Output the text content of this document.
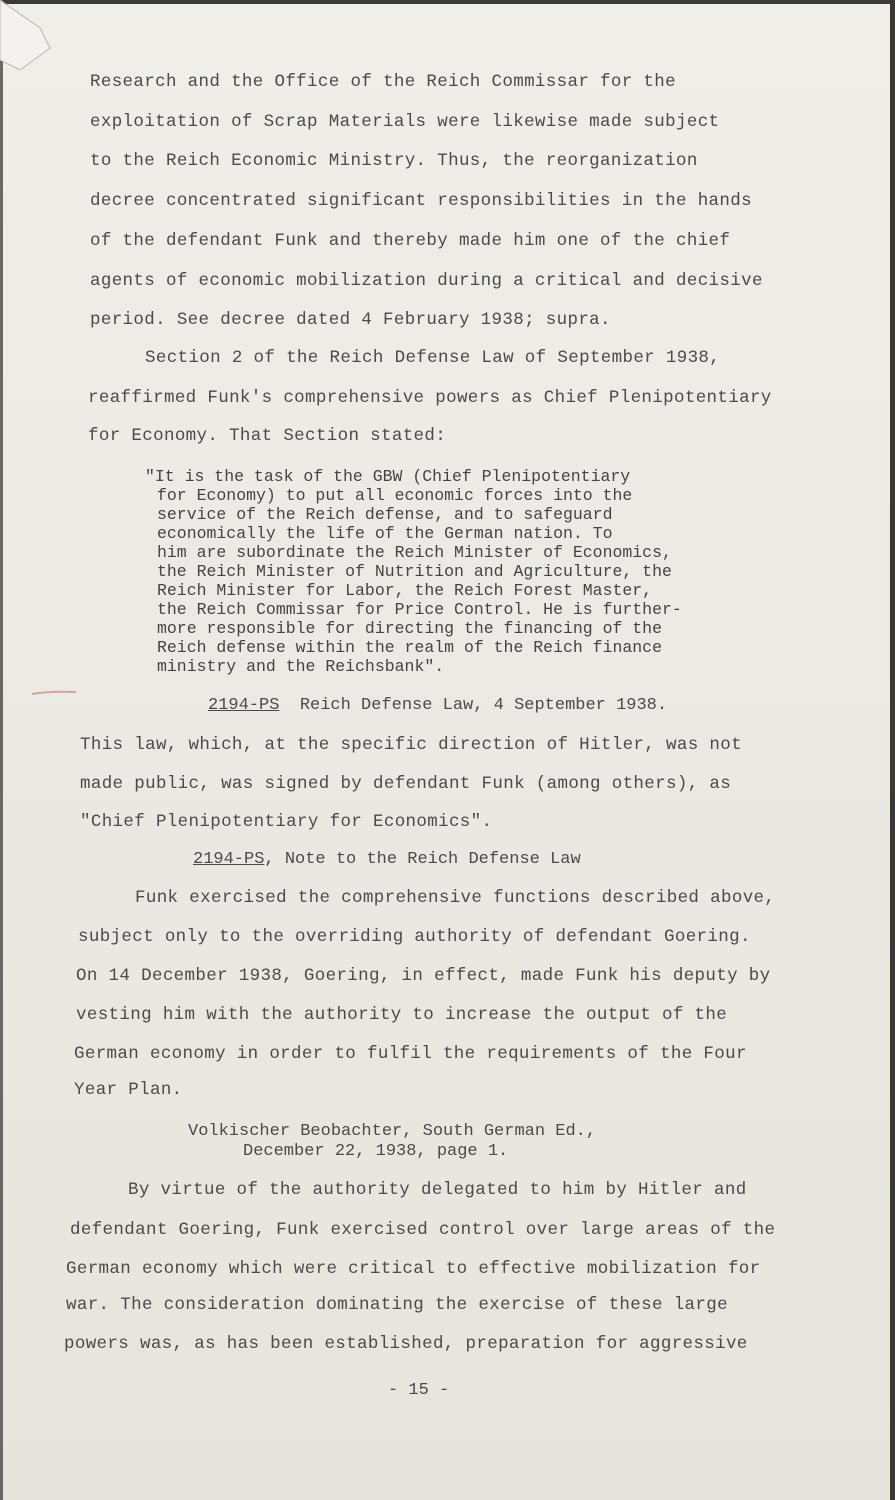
Research and the Office of the Reich Commissar for the
exploitation of Scrap Materials were likewise made subject
to the Reich Economic Ministry. Thus, the reorganization
decree concentrated significant responsibilities in the hands
of the defendant Funk and thereby made him one of the chief
agents of economic mobilization during a critical and decisive
period. See decree dated 4 February 1938; supra.
Section 2 of the Reich Defense Law of September 1938,
reaffirmed Funk's comprehensive powers as Chief Plenipotentiary
for Economy. That Section stated:
"It is the task of the GBW (Chief Plenipotentiary
for Economy) to put all economic forces into the
service of the Reich defense, and to safeguard
economically the life of the German nation. To
him are subordinate the Reich Minister of Economics,
the Reich Minister of Nutrition and Agriculture, the
Reich Minister for Labor, the Reich Forest Master,
the Reich Commissar for Price Control. He is further-
more responsible for directing the financing of the
Reich defense within the realm of the Reich finance
ministry and the Reichsbank".
2194-PS Reich Defense Law, 4 September 1938.
This law, which, at the specific direction of Hitler, was not
made public, was signed by defendant Funk (among others), as
"Chief Plenipotentiary for Economics".
2194-PS, Note to the Reich Defense Law
Funk exercised the comprehensive functions described above,
subject only to the overriding authority of defendant Goering.
On 14 December 1938, Goering, in effect, made Funk his deputy by
vesting him with the authority to increase the output of the
German economy in order to fulfil the requirements of the Four
Year Plan.
Volkischer Beobachter, South German Ed.,
December 22, 1938, page 1.
By virtue of the authority delegated to him by Hitler and
defendant Goering, Funk exercised control over large areas of the
German economy which were critical to effective mobilization for
war. The consideration dominating the exercise of these large
powers was, as has been established, preparation for aggressive
- 15 -
